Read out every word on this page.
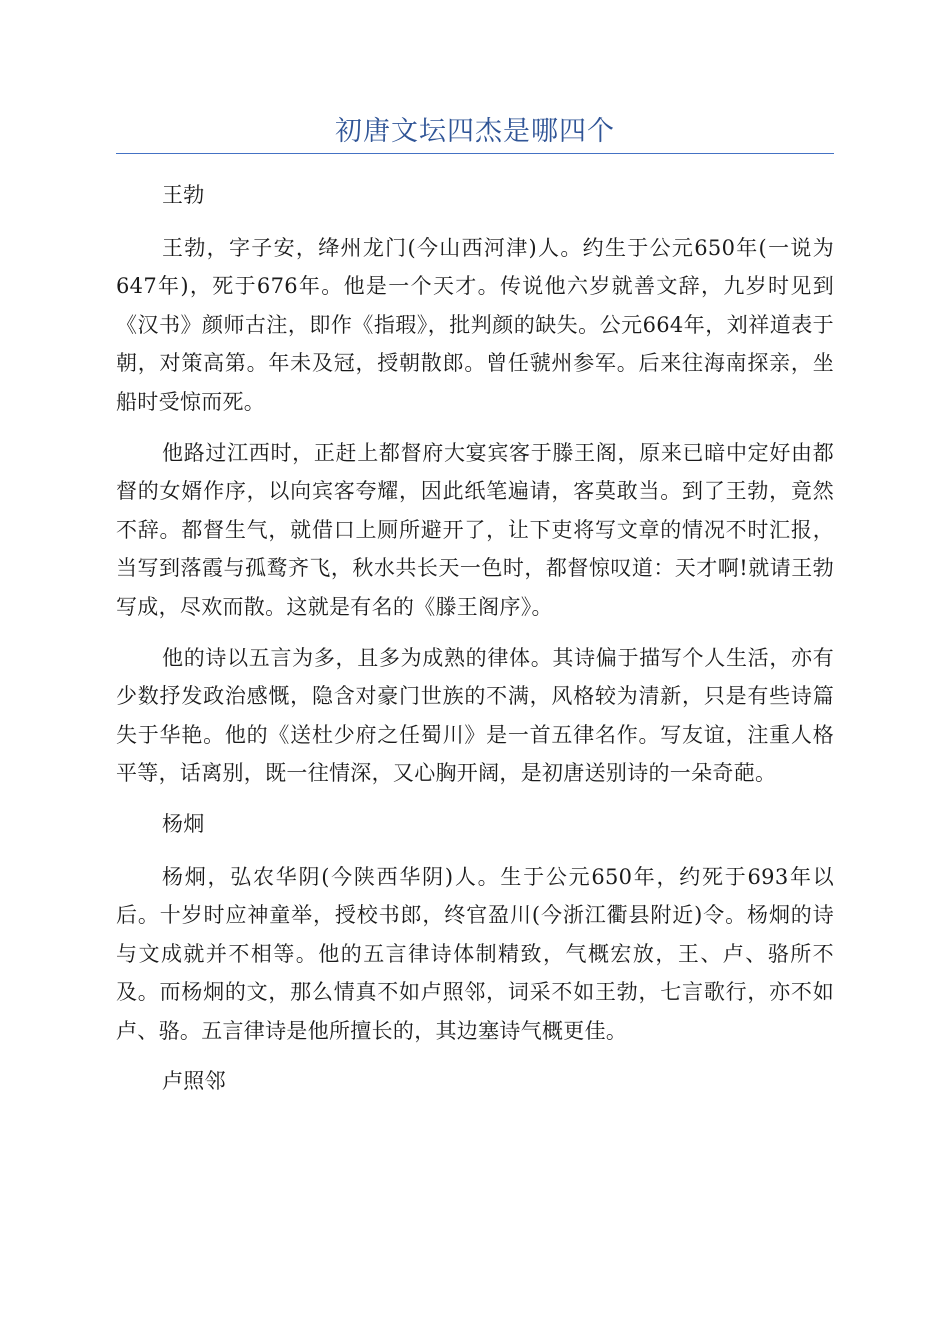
初唐文坛四杰是哪四个

王勃

王勃，字子安，绛州龙门(今山西河津)人。约生于公元650年(一说为647年)，死于676年。他是一个天才。传说他六岁就善文辞，九岁时见到《汉书》颜师古注，即作《指瑕》，批判颜的缺失。公元664年，刘祥道表于朝，对策高第。年未及冠，授朝散郎。曾任虢州参军。后来往海南探亲，坐船时受惊而死。

他路过江西时，正赶上都督府大宴宾客于滕王阁，原来已暗中定好由都督的女婿作序，以向宾客夸耀，因此纸笔遍请，客莫敢当。到了王勃，竟然不辞。都督生气，就借口上厕所避开了，让下吏将写文章的情况不时汇报，当写到落霞与孤鹜齐飞，秋水共长天一色时，都督惊叹道：天才啊!就请王勃写成，尽欢而散。这就是有名的《滕王阁序》。

他的诗以五言为多，且多为成熟的律体。其诗偏于描写个人生活，亦有少数抒发政治感慨，隐含对豪门世族的不满，风格较为清新，只是有些诗篇失于华艳。他的《送杜少府之任蜀川》是一首五律名作。写友谊，注重人格平等，话离别，既一往情深，又心胸开阔，是初唐送别诗的一朵奇葩。

杨炯

杨炯，弘农华阴(今陕西华阴)人。生于公元650年，约死于693年以后。十岁时应神童举，授校书郎，终官盈川(今浙江衢县附近)令。杨炯的诗与文成就并不相等。他的五言律诗体制精致，气概宏放，王、卢、骆所不及。而杨炯的文，那么情真不如卢照邻，词采不如王勃，七言歌行，亦不如卢、骆。五言律诗是他所擅长的，其边塞诗气概更佳。

卢照邻
